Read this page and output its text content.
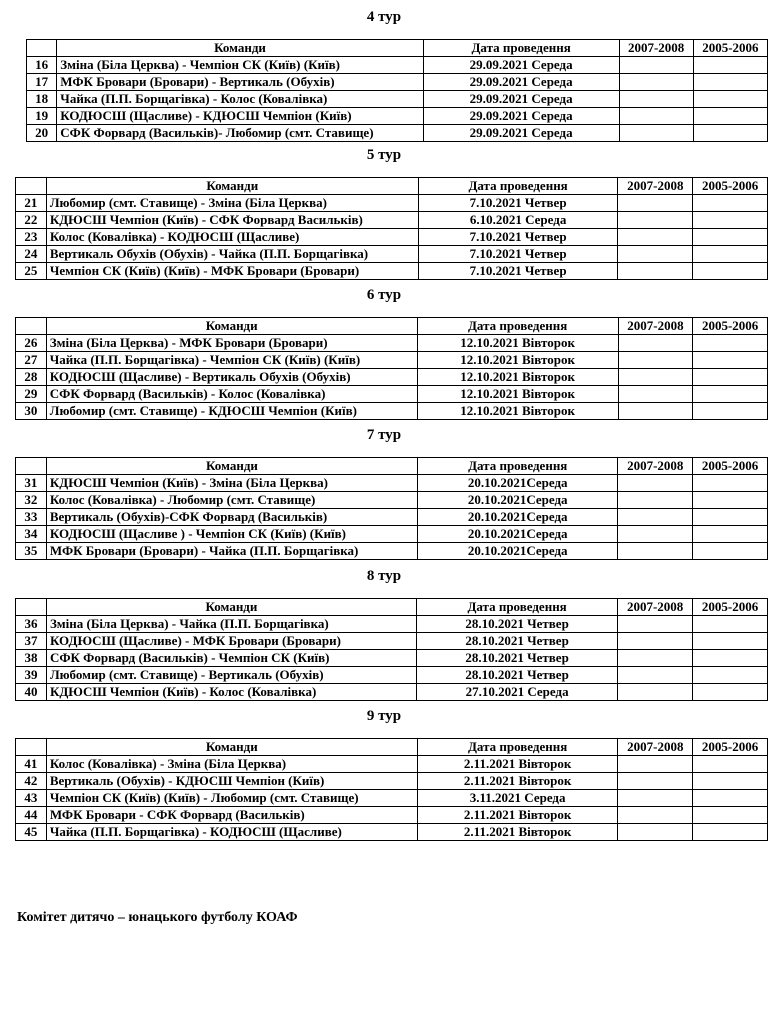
4 тур
	Команди	Дата проведення	2007-2008	2005-2006
16	Зміна (Біла Церква) - Чемпіон СК (Київ) (Київ)	29.09.2021 Середа		
17	МФК Бровари (Бровари) - Вертикаль (Обухів)	29.09.2021 Середа		
18	Чайка (П.П. Борщагівка) - Колос (Ковалівка)	29.09.2021 Середа		
19	КОДЮСШ (Щасливе) - КДЮСШ Чемпіон (Київ)	29.09.2021 Середа		
20	СФК Форвард (Васильків)- Любомир (смт. Ставище)	29.09.2021 Середа		
5 тур
	Команди	Дата проведення	2007-2008	2005-2006
21	Любомир (смт. Ставище) - Зміна (Біла Церква)	7.10.2021 Четвер		
22	КДЮСШ Чемпіон (Київ) - СФК Форвард Васильків)	6.10.2021 Середа		
23	Колос (Ковалівка) - КОДЮСШ (Щасливе)	7.10.2021 Четвер		
24	Вертикаль Обухів (Обухів) - Чайка (П.П. Борщагівка)	7.10.2021 Четвер		
25	Чемпіон СК (Київ) (Київ) - МФК Бровари (Бровари)	7.10.2021 Четвер		
6 тур
	Команди	Дата проведення	2007-2008	2005-2006
26	Зміна (Біла Церква) - МФК Бровари (Бровари)	12.10.2021 Вівторок		
27	Чайка (П.П. Борщагівка) - Чемпіон СК (Київ) (Київ)	12.10.2021 Вівторок		
28	КОДЮСШ (Щасливе) - Вертикаль Обухів (Обухів)	12.10.2021 Вівторок		
29	СФК Форвард (Васильків) - Колос (Ковалівка)	12.10.2021 Вівторок		
30	Любомир (смт. Ставище) - КДЮСШ Чемпіон (Київ)	12.10.2021 Вівторок		
7 тур
	Команди	Дата проведення	2007-2008	2005-2006
31	КДЮСШ Чемпіон (Київ) - Зміна (Біла Церква)	20.10.2021Середа		
32	Колос (Ковалівка) - Любомир (смт. Ставище)	20.10.2021Середа		
33	Вертикаль (Обухів)-СФК Форвард (Васильків)	20.10.2021Середа		
34	КОДЮСШ (Щасливе ) - Чемпіон СК (Київ) (Київ)	20.10.2021Середа		
35	МФК Бровари (Бровари) - Чайка (П.П. Борщагівка)	20.10.2021Середа		
8 тур
	Команди	Дата проведення	2007-2008	2005-2006
36	Зміна (Біла Церква) - Чайка (П.П. Борщагівка)	28.10.2021 Четвер		
37	КОДЮСШ (Щасливе) - МФК Бровари (Бровари)	28.10.2021 Четвер		
38	СФК Форвард (Васильків) - Чемпіон СК (Київ)	28.10.2021 Четвер		
39	Любомир (смт. Ставище) - Вертикаль (Обухів)	28.10.2021 Четвер		
40	КДЮСШ Чемпіон (Київ) - Колос (Ковалівка)	27.10.2021 Середа		
9 тур
	Команди	Дата проведення	2007-2008	2005-2006
41	Колос (Ковалівка) - Зміна (Біла Церква)	2.11.2021 Вівторок		
42	Вертикаль (Обухів) - КДЮСШ Чемпіон (Київ)	2.11.2021 Вівторок		
43	Чемпіон СК (Київ) (Київ) - Любомир (смт. Ставище)	3.11.2021 Середа		
44	МФК Бровари - СФК Форвард (Васильків)	2.11.2021 Вівторок		
45	Чайка (П.П. Борщагівка) - КОДЮСШ (Щасливе)	2.11.2021 Вівторок		
Комітет дитячо – юнацького футболу КОАФ
